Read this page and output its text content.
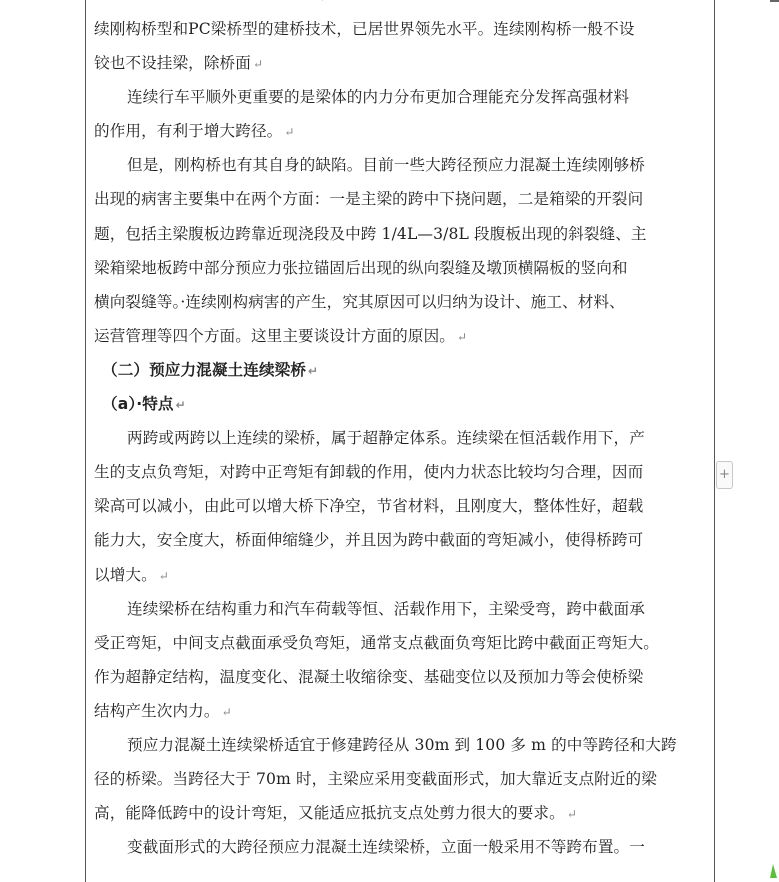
续刚构桥型和PC梁桥型的建桥技术，已居世界领先水平。连续刚构桥一般不设
铰也不设挂梁，除桥面 ↵
连续行车平顺外更重要的是梁体的内力分布更加合理能充分发挥高强材料
的作用，有利于增大跨径。 ↵
但是，刚构桥也有其自身的缺陷。目前一些大跨径预应力混凝土连续刚够桥
出现的病害主要集中在两个方面：一是主梁的跨中下挠问题，二是箱梁的开裂问
题，包括主梁腹板边跨靠近现浇段及中跨 1/4L—3/8L 段腹板出现的斜裂缝、主
梁箱梁地板跨中部分预应力张拉锚固后出现的纵向裂缝及墩顶横隔板的竖向和
横向裂缝等。·连续刚构病害的产生，究其原因可以归纳为设计、施工、材料、
运营管理等四个方面。这里主要谈设计方面的原因。 ↵
（二）预应力混凝土连续梁桥 ↵
（a）·特点 ↵
两跨或两跨以上连续的梁桥，属于超静定体系。连续梁在恒活载作用下，产
生的支点负弯矩，对跨中正弯矩有卸载的作用，使内力状态比较均匀合理，因而
梁高可以减小，由此可以增大桥下净空，节省材料，且刚度大，整体性好，超载
能力大，安全度大，桥面伸缩缝少，并且因为跨中截面的弯矩减小，使得桥跨可
以增大。 ↵
连续梁桥在结构重力和汽车荷载等恒、活载作用下，主梁受弯，跨中截面承
受正弯矩，中间支点截面承受负弯矩，通常支点截面负弯矩比跨中截面正弯矩大。
作为超静定结构，温度变化、混凝土收缩徐变、基础变位以及预加力等会使桥梁
结构产生次内力。 ↵
预应力混凝土连续梁桥适宜于修建跨径从 30m 到 100 多 m 的中等跨径和大跨
径的桥梁。当跨径大于 70m 时，主梁应采用变截面形式，加大靠近支点附近的梁
高，能降低跨中的设计弯矩，又能适应抵抗支点处剪力很大的要求。 ↵
变截面形式的大跨径预应力混凝土连续梁桥，立面一般采用不等跨布置。一
+
